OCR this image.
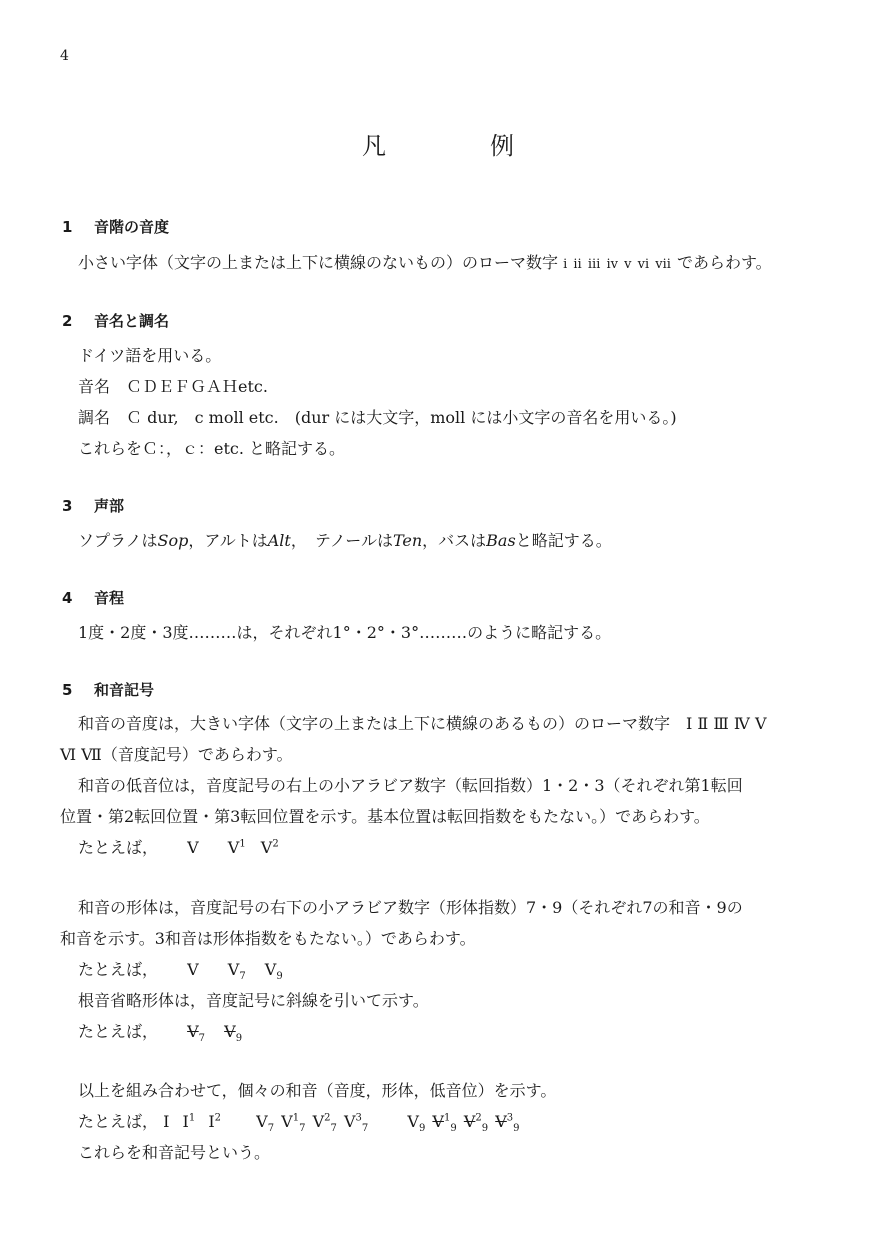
4
凡　例
1 音階の音度
小さい字体（文字の上または上下に横線のないもの）のローマ数字 ⅰ ⅱ ⅲ ⅳ ⅴ ⅵ ⅶ であらわす。
2 音名と調名
ドイツ語を用いる。
音名　ＣＤＥＦＧＡＨetc.
調名　Ｃ dur,　c moll etc.　(dur には大文字，moll には小文字の音名を用いる。)
これらをＣ：，ｃ：etc. と略記する。
3 声部
ソプラノはSop，アルトはAlt，　テノールはTen，バスはBasと略記する。
4 音程
1度・2度・3度………は，それぞれ1°・2°・3°………のように略記する。
5 和音記号
和音の音度は，大きい字体（文字の上または上下に横線のあるもの）のローマ数字　Ⅰ Ⅱ Ⅲ Ⅳ Ⅴ
Ⅵ Ⅶ（音度記号）であらわす。
和音の低音位は，音度記号の右上の小アラビア数字（転回指数）1・2・3（それぞれ第1転回
位置・第2転回位置・第3転回位置を示す。基本位置は転回指数をもたない。）であらわす。
たとえば， Ⅴ Ⅴ$^1$ Ⅴ$^2$
和音の形体は，音度記号の右下の小アラビア数字（形体指数）7・9（それぞれ7の和音・9の
和音を示す。3和音は形体指数をもたない。）であらわす。
たとえば， Ⅴ $Ⅴ_7$ $Ⅴ_9$
根音省略形体は，音度記号に斜線を引いて示す。
たとえば， $Ⅴ_7$ $Ⅴ_9$
以上を組み合わせて，個々の和音（音度，形体，低音位）を示す。
たとえば， Ⅰ Ⅰ$^1$ Ⅰ$^2$ $Ⅴ_7$ Ⅴ$^1_7$ Ⅴ$^2_7$ Ⅴ$^3_7$ $Ⅴ_9$ Ⅴ$^1_9$ Ⅴ$^2_9$ Ⅴ$^3_9$
これらを和音記号という。
